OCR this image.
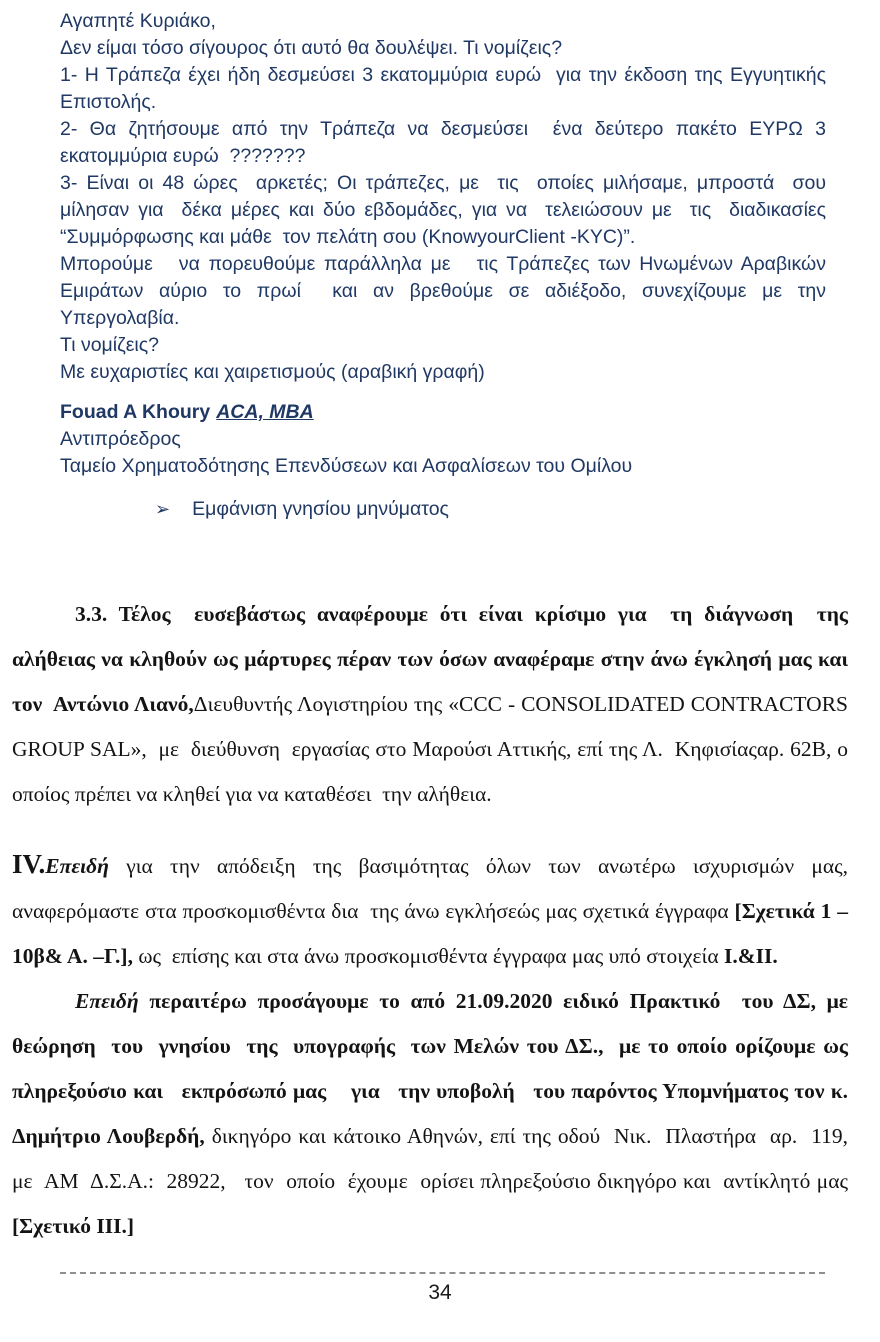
Αγαπητέ Κυριάκο,
Δεν είμαι τόσο σίγουρος ότι αυτό θα δουλέψει. Τι νομίζεις?
1- Η Τράπεζα έχει ήδη δεσμεύσει 3 εκατομμύρια ευρώ  για την έκδοση της Εγγυητικής Επιστολής.
2- Θα ζητήσουμε από την Τράπεζα να δεσμεύσει  ένα δεύτερο πακέτο ΕΥΡΩ 3 εκατομμύρια ευρώ  ???????
3- Είναι οι 48 ώρες  αρκετές; Οι τράπεζες, με  τις  οποίες μιλήσαμε, μπροστά  σου μίλησαν για  δέκα μέρες και δύο εβδομάδες, για να  τελειώσουν με  τις  διαδικασίες “Συμμόρφωσης και μάθε  τον πελάτη σου (KnowyourClient -KYC)”.
Μπορούμε   να πορευθούμε παράλληλα με   τις Τράπεζες των Ηνωμένων Αραβικών Εμιράτων αύριο το πρωί  και αν βρεθούμε σε αδιέξοδο, συνεχίζουμε με την Υπεργολαβία.
Τι νομίζεις?
Με ευχαριστίες και χαιρετισμούς (αραβική γραφή)
Fouad A Khoury ACA, MBA
Αντιπρόεδρος
Ταμείο Χρηματοδότησης Επενδύσεων και Ασφαλίσεων του Ομίλου
➢ Εμφάνιση γνησίου μηνύματος

3.3. Τέλος  ευσεβάστως αναφέρουμε ότι είναι κρίσιμο για  τη διάγνωση  της αλήθειας να κληθούν ως μάρτυρες πέραν των όσων αναφέραμε στην άνω έγκλησή μας και τον  Αντώνιο Λιανό,Διευθυντής Λογιστηρίου της «CCC - CONSOLIDATED CONTRACTORS GROUP SAL»,  με  διεύθυνση  εργασίας στο Μαρούσι Αττικής, επί της Λ.  Κηφισίαςαρ. 62Β, ο οποίος πρέπει να κληθεί για να καταθέσει  την αλήθεια.

IV.Επειδή για την απόδειξη της βασιμότητας όλων των ανωτέρω ισχυρισμών μας, αναφερόμαστε στα προσκομισθέντα δια  της άνω εγκλήσεώς μας σχετικά έγγραφα [Σχετικά 1 –10β& Α. –Γ.], ως  επίσης και στα άνω προσκομισθέντα έγγραφα μας υπό στοιχεία I.&II.

Επειδή περαιτέρω προσάγουμε το από 21.09.2020 ειδικό Πρακτικό  του ΔΣ, με θεώρηση  του  γνησίου  της  υπογραφής  των Μελών του ΔΣ.,  με το οποίο ορίζουμε ως   πληρεξούσιο και   εκπρόσωπό μας    για   την υποβολή   του παρόντος Υπομνήματος τον κ. Δημήτριο Λουβερδή, δικηγόρο και κάτοικο Αθηνών, επί της οδού  Νικ.  Πλαστήρα  αρ.  119,  με  ΑΜ  Δ.Σ.Α.:  28922,   τον  οποίο  έχουμε  ορίσει πληρεξούσιο δικηγόρο και  αντίκλητό μας [Σχετικό III.]

34
